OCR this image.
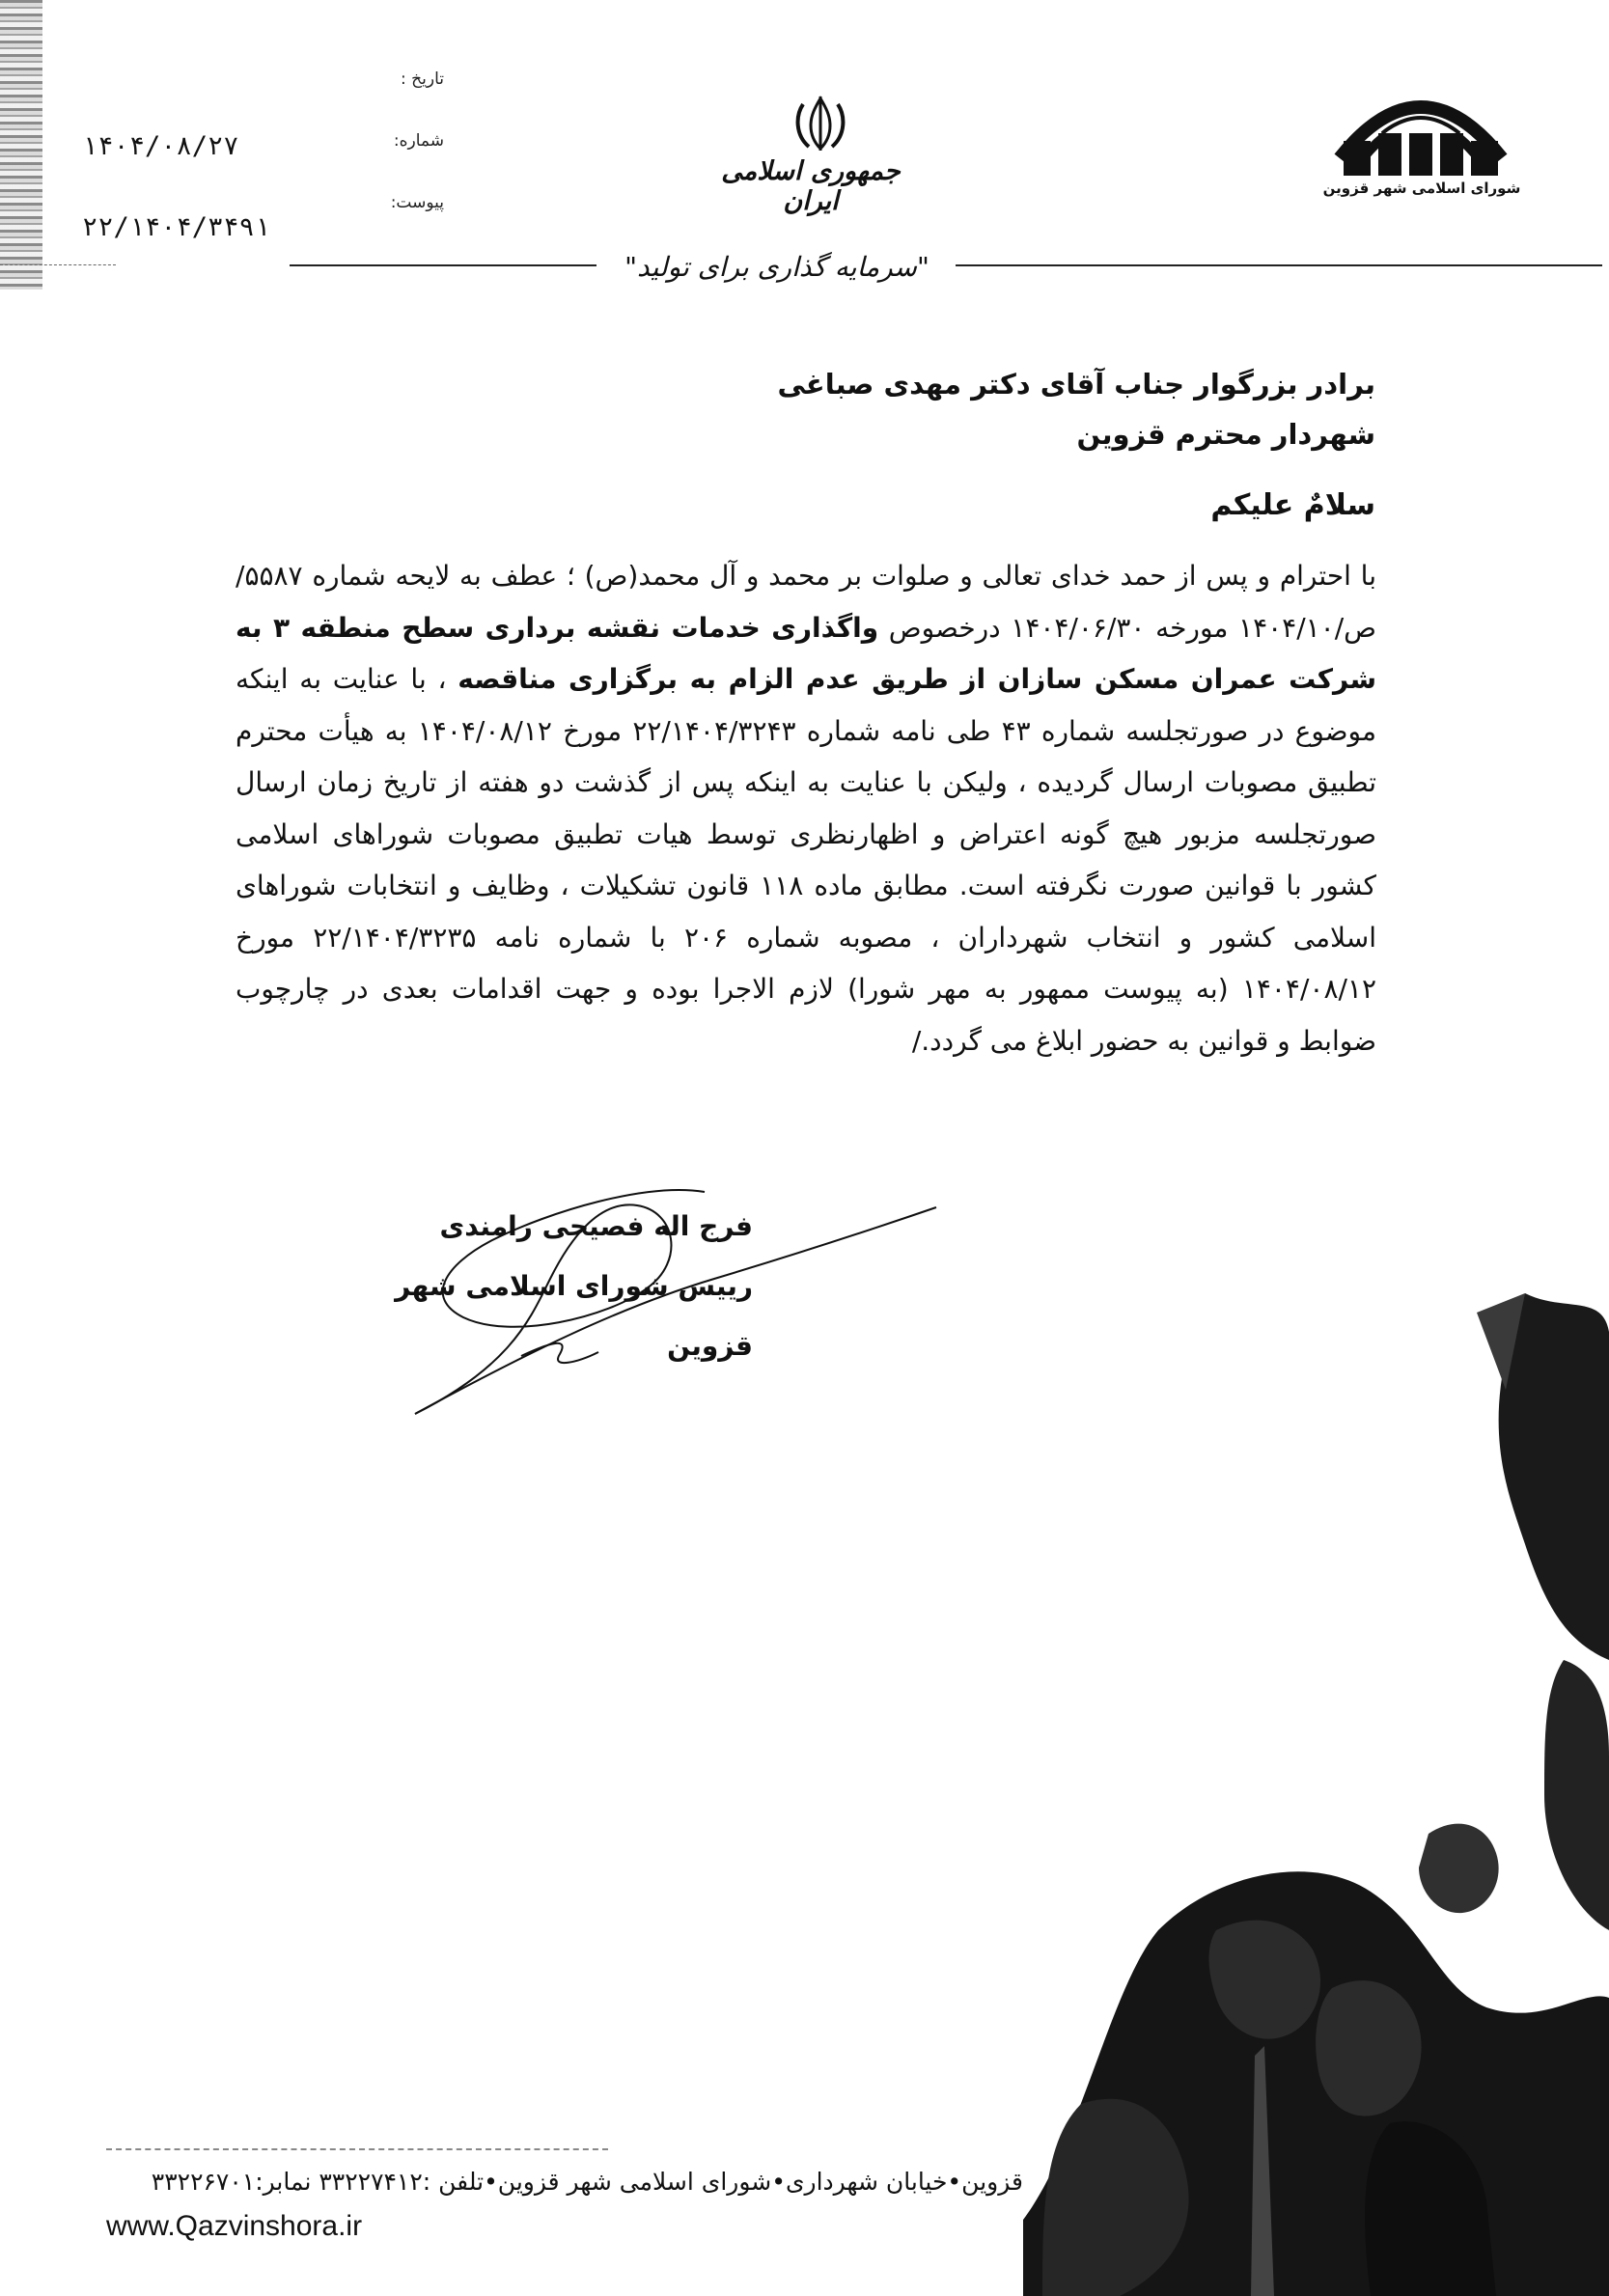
تاریخ :
شماره:
پیوست:
۱۴۰۴/۰۸/۲۷
۲۲/۱۴۰۴/۳۴۹۱
جمهوری اسلامی ایران	شورای اسلامی شهر قزوین
"سرمایه گذاری برای تولید"
برادر بزرگوار جناب آقای دکتر مهدی صباغی
شهردار محترم قزوین
سلامٌ علیکم
با احترام و پس از حمد خدای تعالی و صلوات بر محمد و آل محمد(ص) ؛ عطف به لایحه شماره ۵۵۸۷/ص/۱۴۰۴/۱۰ مورخه ۱۴۰۴/۰۶/۳۰ درخصوص واگذاری خدمات نقشه برداری سطح منطقه ۳ به شرکت عمران مسکن سازان از طریق عدم الزام به برگزاری مناقصه ، با عنایت به اینکه موضوع در صورتجلسه شماره ۴۳ طی نامه شماره ۲۲/۱۴۰۴/۳۲۴۳ مورخ ۱۴۰۴/۰۸/۱۲ به هیأت محترم تطبیق مصوبات ارسال گردیده ، ولیکن با عنایت به اینکه پس از گذشت دو هفته از تاریخ زمان ارسال صورتجلسه مزبور هیچ گونه اعتراض و اظهارنظری توسط هیات تطبیق مصوبات شوراهای اسلامی کشور با قوانین صورت نگرفته است. مطابق ماده ۱۱۸ قانون تشکیلات ، وظایف و انتخابات شوراهای اسلامی کشور و انتخاب شهرداران ، مصوبه شماره ۲۰۶ با شماره نامه ۲۲/۱۴۰۴/۳۲۳۵ مورخ ۱۴۰۴/۰۸/۱۲ (به پیوست ممهور به مهر شورا) لازم الاجرا بوده و جهت اقدامات بعدی در چارچوب ضوابط و قوانین به حضور ابلاغ می گردد./
فرج اله فصیحی رامندی
رییس شورای اسلامی شهر قزوین
قزوین•خیابان شهرداری•شورای اسلامی شهر قزوین•تلفن :۳۳۲۲۷۴۱۲ نمابر:۳۳۲۲۶۷۰۱
www.Qazvinshora.ir
